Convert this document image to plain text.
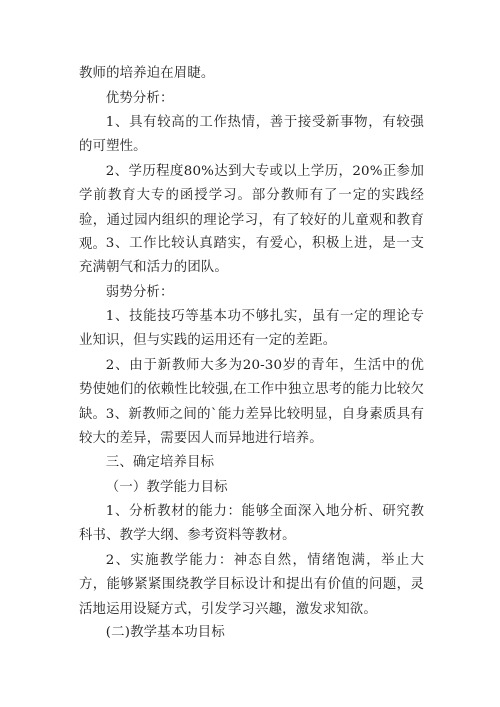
教师的培养迫在眉睫。

优势分析：

1、具有较高的工作热情，善于接受新事物，有较强的可塑性。

2、学历程度80%达到大专或以上学历，20%正参加学前教育大专的函授学习。部分教师有了一定的实践经验，通过园内组织的理论学习，有了较好的儿童观和教育观。 3、工作比较认真踏实，有爱心，积极上进，是一支充满朝气和活力的团队。

弱势分析：

1、技能技巧等基本功不够扎实，虽有一定的理论专业知识，但与实践的运用还有一定的差距。

2、由于新教师大多为20-30岁的青年，生活中的优势使她们的依赖性比较强,在工作中独立思考的能力比较欠缺。 3、新教师之间的`能力差异比较明显，自身素质具有较大的差异，需要因人而异地进行培养。

三、确定培养目标

（一）教学能力目标

1、分析教材的能力：能够全面深入地分析、研究教科书、教学大纲、参考资料等教材。

2、实施教学能力：神态自然，情绪饱满，举止大方，能够紧紧围绕教学目标设计和提出有价值的问题，灵活地运用设疑方式，引发学习兴趣，激发求知欲。

(二)教学基本功目标
